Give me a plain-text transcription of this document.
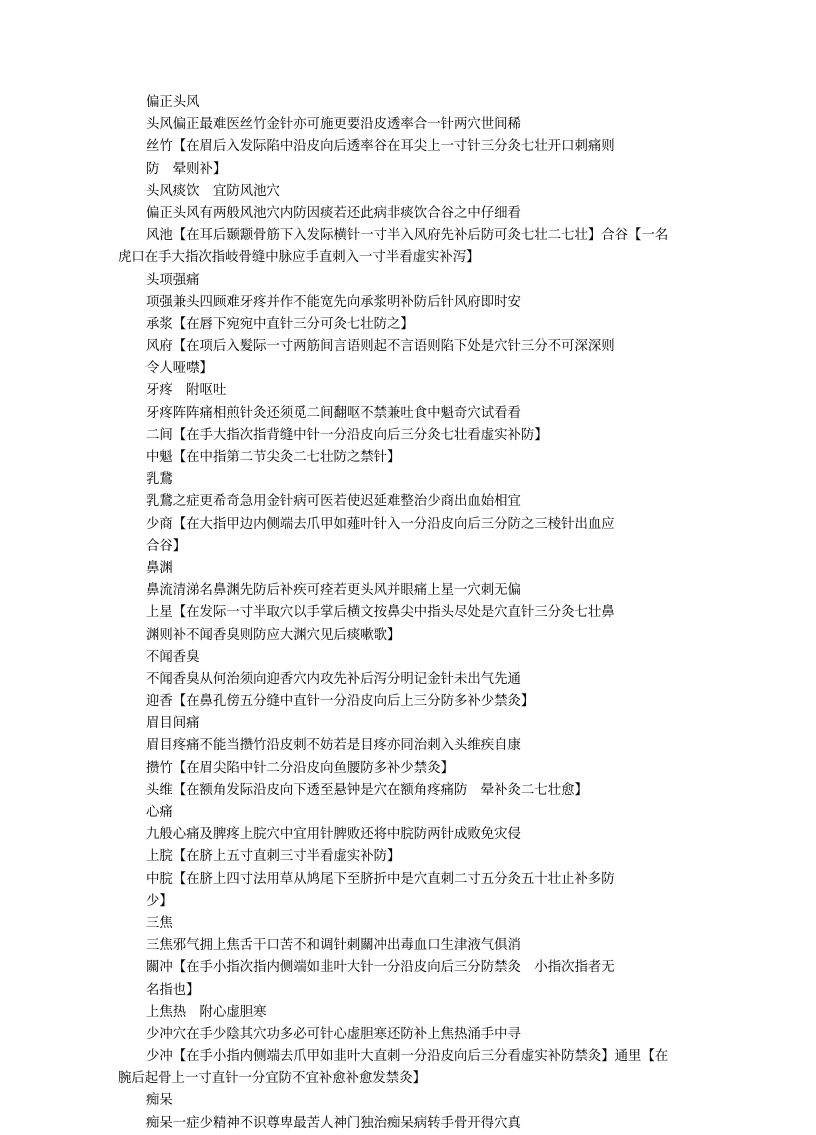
偏正头风
头风偏正最难医丝竹金针亦可施更要沿皮透率合一针两穴世间稀
丝竹【在眉后入发际陷中沿皮向后透率谷在耳尖上一寸针三分灸七壮开口刺痛则
防　晕则补】
头风痰饮　宜防风池穴
偏正头风有两般风池穴内防因痰若还此病非痰饮合谷之中仔细看
风池【在耳后颞颥骨筋下入发际横针一寸半入风府先补后防可灸七壮二七壮】合谷【一名
虎口在手大指次指岐骨缝中脉应手直刺入一寸半看虚实补泻】
头项强痛
项强兼头四顾难牙疼并作不能宽先向承浆明补防后针风府即时安
承浆【在唇下宛宛中直针三分可灸七壮防之】
风府【在项后入髮际一寸两筋间言语则起不言语则陷下处是穴针三分不可深深则
令人哑噤】
牙疼　附呕吐
牙疼阵阵痛相煎针灸还须觅二间翻呕不禁兼吐食中魁奇穴试看看
二间【在手大指次指背缝中针一分沿皮向后三分灸七壮看虚实补防】
中魁【在中指第二节尖灸二七壮防之禁针】
乳鵞
乳鵞之症更希奇急用金针病可医若使迟延难整治少商出血始相宜
少商【在大指甲边内侧端去爪甲如薤叶针入一分沿皮向后三分防之三棱针出血应
合谷】
鼻渊
鼻流清涕名鼻渊先防后补疾可痊若更头风并眼痛上星一穴刺无偏
上星【在发际一寸半取穴以手掌后横文按鼻尖中指头尽处是穴直针三分灸七壮鼻
渊则补不闻香臭则防应大渊穴见后痰嗽歌】
不闻香臭
不闻香臭从何治须向迎香穴内攻先补后泻分明记金针未出气先通
迎香【在鼻孔傍五分缝中直针一分沿皮向后上三分防多补少禁灸】
眉目间痛
眉目疼痛不能当攒竹沿皮刺不妨若是目疼亦同治刺入头维疾自康
攒竹【在眉尖陷中针二分沿皮向鱼腰防多补少禁灸】
头维【在额角发际沿皮向下透至悬钟是穴在额角疼痛防　晕补灸二七壮愈】
心痛
九般心痛及脾疼上脘穴中宜用针脾败还将中脘防两针成败免灾侵
上脘【在脐上五寸直刺三寸半看虚实补防】
中脘【在脐上四寸法用草从鸠尾下至脐折中是穴直刺二寸五分灸五十壮止补多防
少】
三焦
三焦邪气拥上焦舌干口苦不和调针刺關冲出毒血口生津液气俱消
關冲【在手小指次指内侧端如韭叶大针一分沿皮向后三分防禁灸　小指次指者无
名指也】
上焦热　附心虚胆寒
少冲穴在手少陰其穴功多必可针心虚胆寒还防补上焦热涌手中寻
少冲【在手小指内侧端去爪甲如韭叶大直刺一分沿皮向后三分看虚实补防禁灸】通里【在
腕后起骨上一寸直针一分宜防不宜补愈补愈发禁灸】
痴呆
痴呆一症少精神不识尊卑最苦人神门独治痴呆病转手骨开得穴真
